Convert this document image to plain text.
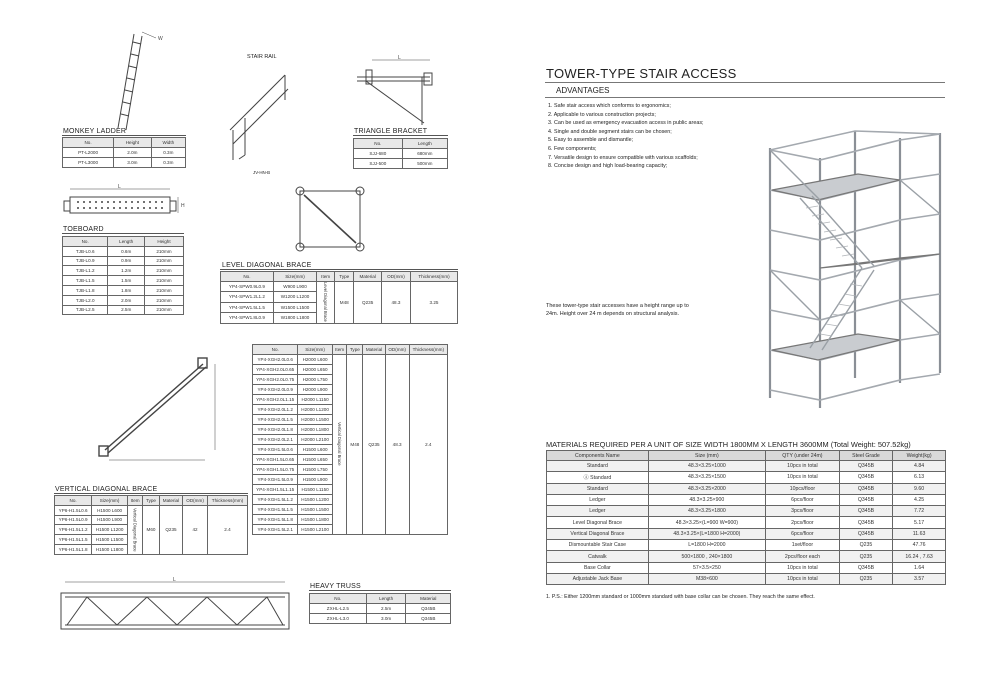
W
MONKEY LADDER
No.	Height	Width
PT-L2000	2.0m	0.3m
PT-L3000	3.0m	0.3m
STAIR RAIL
JV-HN-B
L
TRIANGLE BRACKET
No.	Length
SJJ-680	680mm
SJJ-500	500mm
L
H
TOEBOARD
No.	Length	Height
TJB-L0.6	0.6m	210mm
TJB-L0.9	0.9m	210mm
TJB-L1.2	1.2m	210mm
TJB-L1.5	1.5m	210mm
TJB-L1.8	1.8m	210mm
TJB-L2.0	2.0m	210mm
TJB-L2.5	2.5m	210mm
LEVEL DIAGONAL BRACE
No.	Size(mm)	Item	Type	Material	OD(mm)	Thickness(mm)
YP4-SPW0.9L0.9	W900 L900	Level Diagonal Brace	M48	Q235	48.3	3.25
YP4-SPW1.2L1.2	W1200 L1200					
YP4-SPW1.5L1.5	W1500 L1500					
YP4-SPW1.8L0.9	W1800 L1800					
VERTICAL DIAGONAL BRACE
No.	Size(mm)	Item	Type	Material	OD(mm)	Thickness(mm)
YP6-H1.5L0.6	H1500 L600	Vertical Diagonal Brace	M60	Q235	42	2.4
YP6-H1.5L0.9	H1500 L900					
YP6-H1.5L1.2	H1500 L1200					
YP6-H1.5L1.5	H1500 L1500					
YP6-H1.5L1.8	H1500 L1800					
No.	Size(mm)	Item	Type	Material	OD(mm)	Thickness(mm)
YP4-XGH2.0L0.6	H2000 L600	Vertical Diagonal Brace	M48	Q235	48.3	2.4
YP4-XGH2.0L0.65	H2000 L650					
YP4-XGH2.0L0.75	H2000 L750					
YP4-XGH2.0L0.9	H2000 L900					
YP4-XGH2.0L1.15	H2000 L1150					
YP4-XGH2.0L1.2	H2000 L1200					
YP4-XGH2.0L1.5	H2000 L1500					
YP4-XGH2.0L1.8	H2000 L1800					
YP4-XGH2.0L2.1	H2000 L2100					
YP4-XGH1.5L0.6	H1500 L600					
YP4-XGH1.5L0.65	H1500 L650					
YP4-XGH1.5L0.75	H1500 L750					
YP4-XGH1.5L0.9	H1500 L900					
YP4-XGH1.5L1.15	H1500 L1150					
YP4-XGH1.5L1.2	H1500 L1200					
YP4-XGH1.5L1.5	H1500 L1500					
YP4-XGH1.5L1.8	H1500 L1800					
YP4-XGH1.5L2.1	H1500 L2100					
L
HEAVY TRUSS
No.	Length	Material
ZXHL-L2.5	2.5m	Q345B
ZXHL-L3.0	3.0m	Q345B
TOWER-TYPE STAIR ACCESS
ADVANTAGES
1. Safe stair access which conforms to ergonomics;
2. Applicable to various construction projects;
3. Can be used as emergency evacuation access in public areas;
4. Single and double segment stairs can be chosen;
5. Easy to assemble and dismantle;
6. Few components;
7. Versatile design to ensure compatible with various scaffolds;
8. Concise design and high load-bearing capacity;
These tower-type stair accesses have a height range up to 24m. Height over 24 m depends on structural analysis.
MATERIALS REQUIRED PER A UNIT OF SIZE WIDTH 1800MM X LENGTH 3600MM (Total Weight: 507.52kg)
Components Name	Size (mm)	QTY (under 24m)	Steel Grade	Weight(kg)
Standard	48.3×3.25×1000	10pcs in total	Q345B	4.84
Ⓐ Standard	48.3×3.25×1500	10pcs in total	Q345B	6.13
Standard	48.3×3.25×2000	10pcs/floor	Q345B	9.60
Ledger	48.3×3.25×900	6pcs/floor	Q345B	4.25
Ledger	48.3×3.25×1800	3pcs/floor	Q345B	7.72
Level Diagonal Brace	48.3×3.25×(L=900 W=900)	2pcs/floor	Q345B	5.17
Vertical Diagonal Brace	48.3×3.25×(L=1800 H=2000)	6pcs/floor	Q345B	11.63
Dismountable Stair Case	L=1800 H=2000	1set/floor	Q235	47.76
Catwalk	500×1800 , 240×1800	2pcs/floor each	Q235	16.24 , 7.63
Base Collar	57×3.5×250	10pcs in total	Q345B	1.64
Adjustable Jack Base	M38×600	10pcs in total	Q235	3.57
1. P.S.: Either 1200mm standard or 1000mm standard with base collar can be chosen. They reach the same effect.
